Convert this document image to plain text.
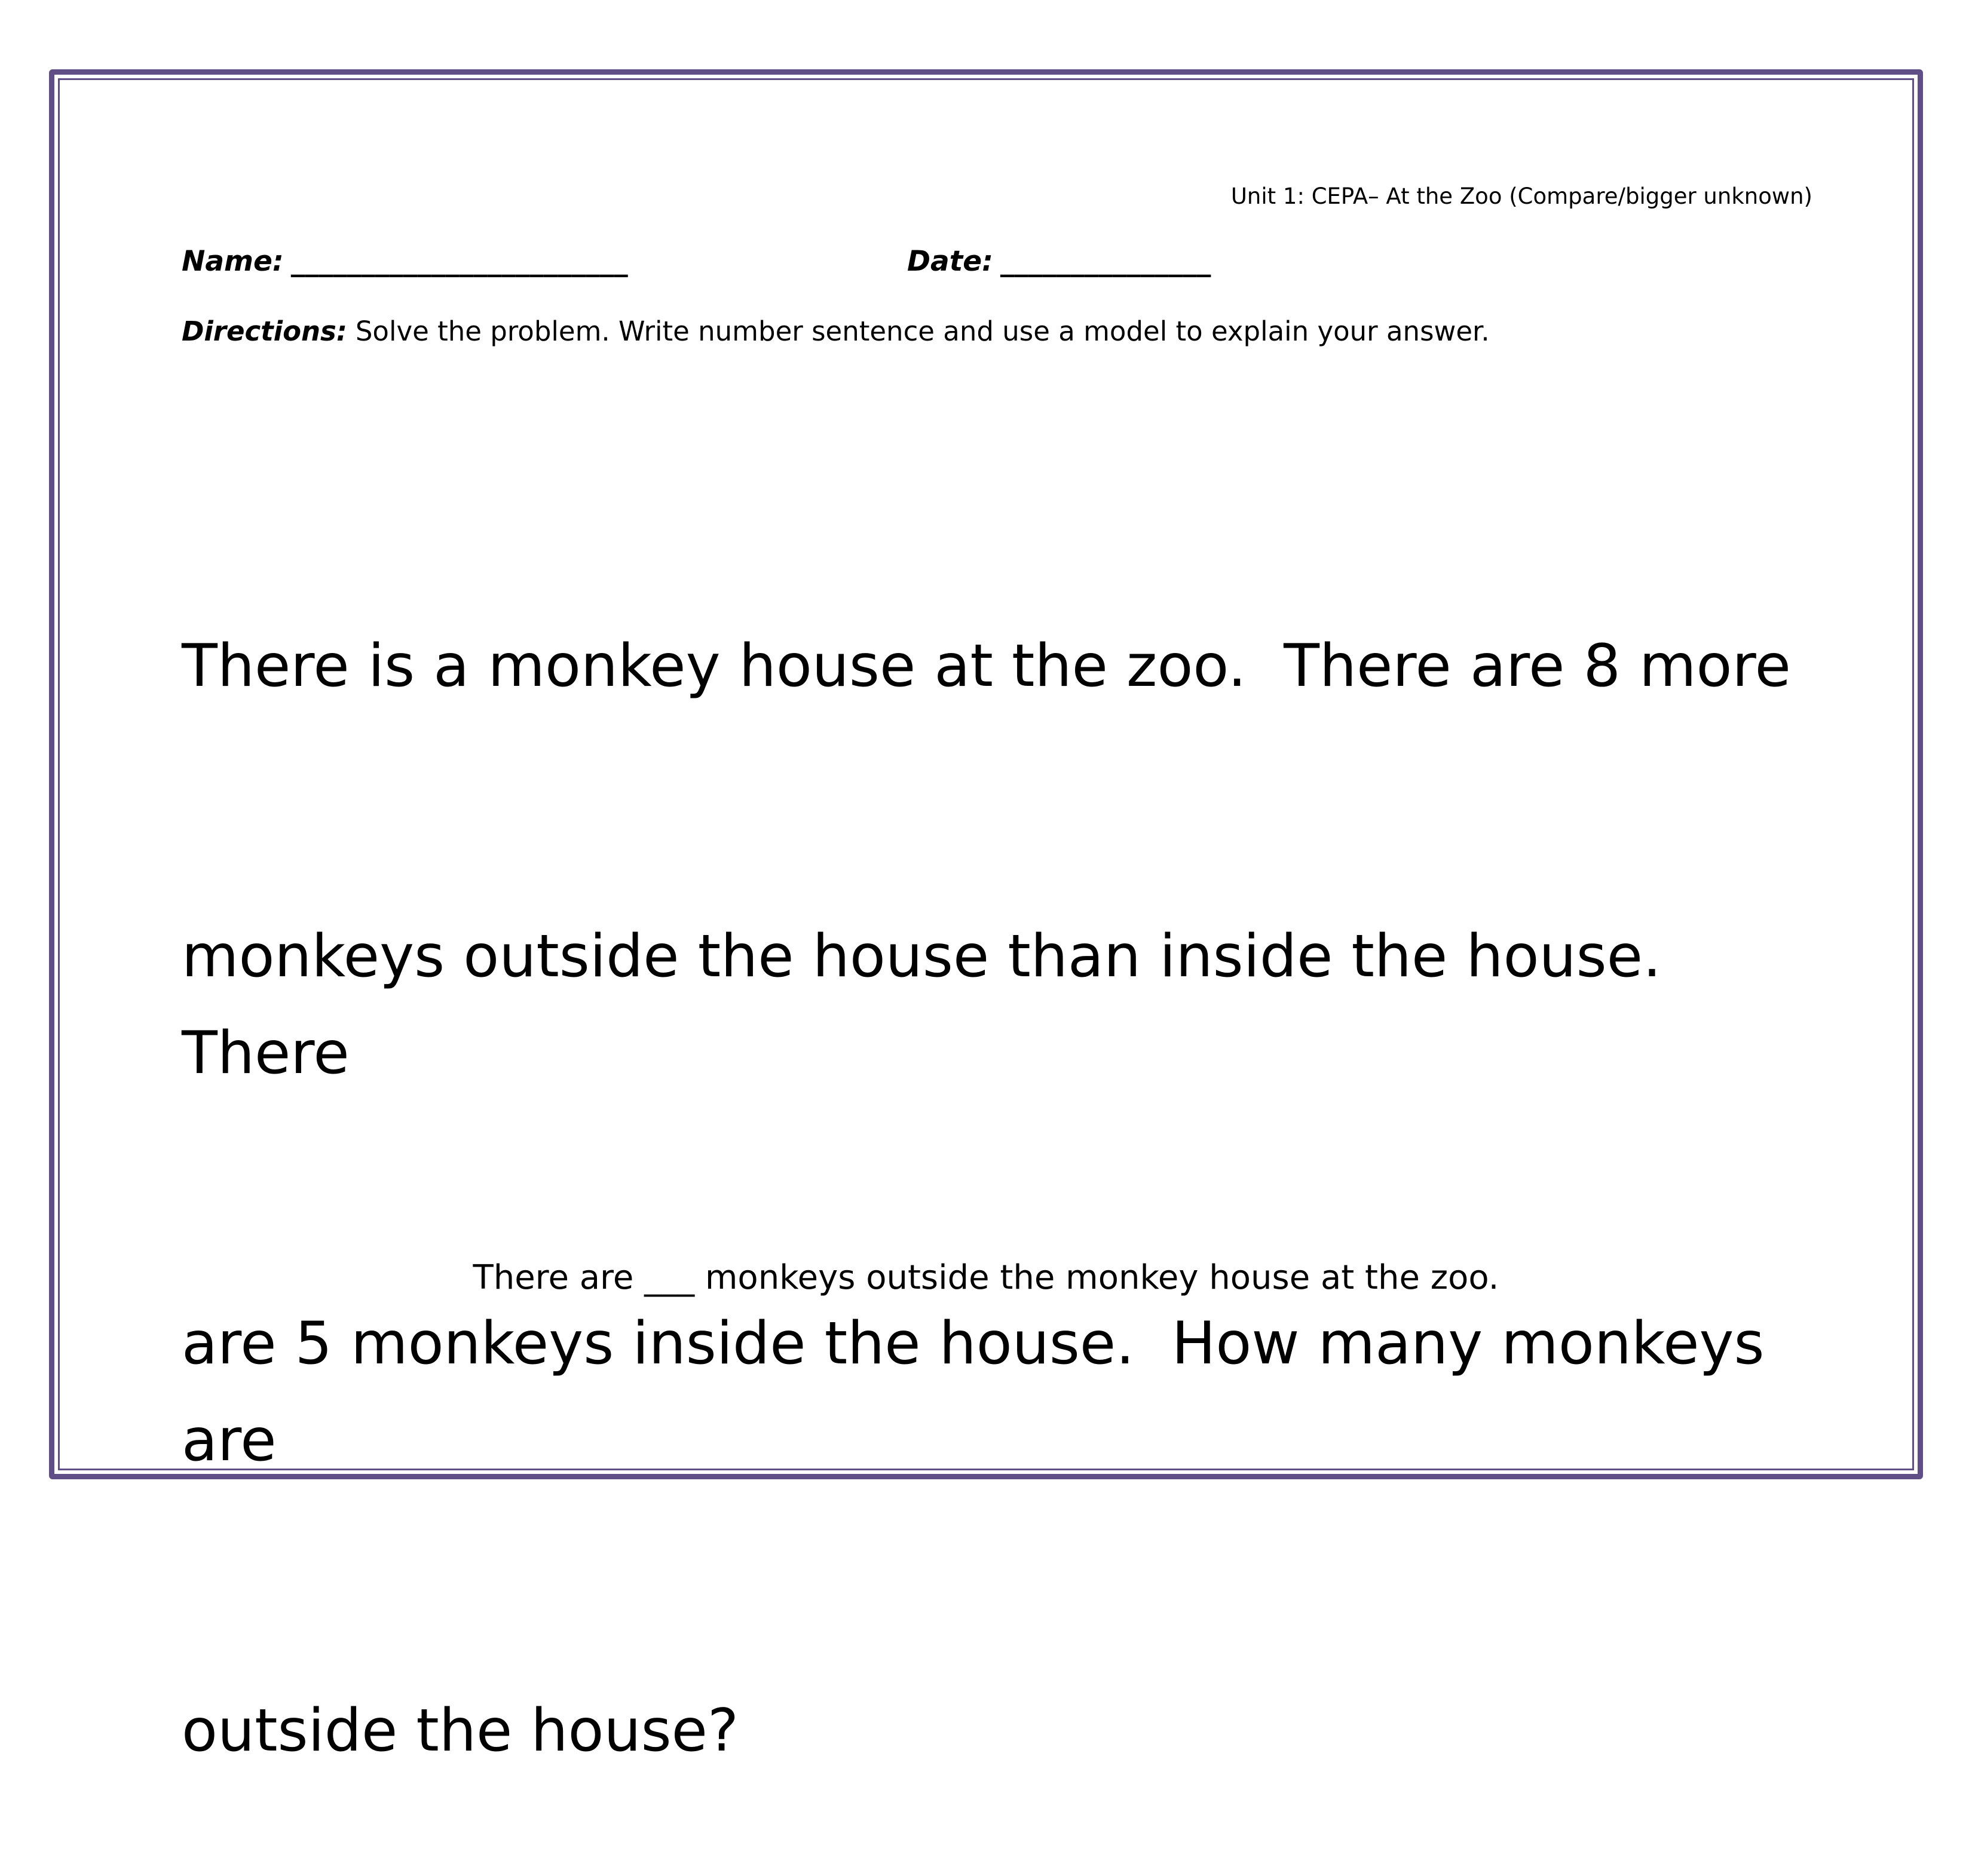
Unit 1: CEPA– At the Zoo (Compare/bigger unknown)
Name: ________________________	Date: _______________
Directions: Solve the problem. Write number sentence and use a model to explain your answer.

There is a monkey house at the zoo.  There are 8 more

monkeys outside the house than inside the house. There

are 5 monkeys inside the house.  How many monkeys are

outside the house?

There are ___ monkeys outside the monkey house at the zoo.
